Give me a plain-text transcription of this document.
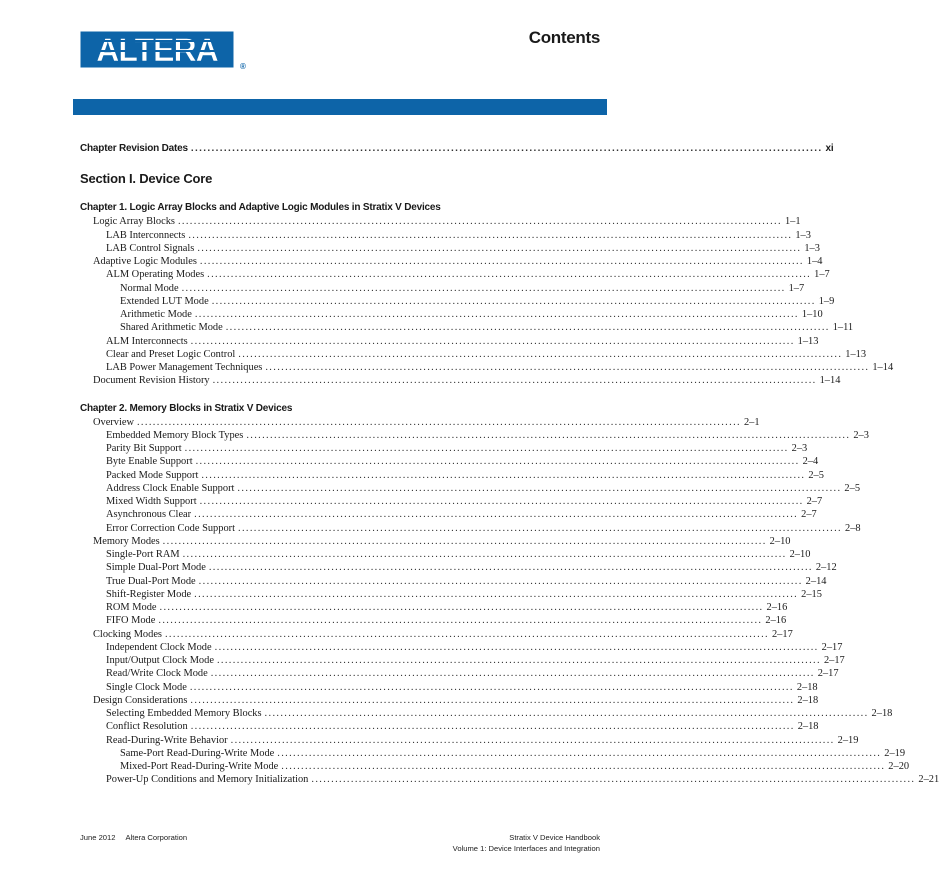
ALTERA	®
Contents
Chapter Revision Dates ......................................................................................................................................................... xi
Section I. Device Core
Chapter 1. Logic Array Blocks and Adaptive Logic Modules in Stratix V Devices
Logic Array Blocks ......................................................................................................................................................... 1–1
LAB Interconnects ......................................................................................................................................................... 1–3
LAB Control Signals ......................................................................................................................................................... 1–3
Adaptive Logic Modules ......................................................................................................................................................... 1–4
ALM Operating Modes ......................................................................................................................................................... 1–7
Normal Mode ......................................................................................................................................................... 1–7
Extended LUT Mode ......................................................................................................................................................... 1–9
Arithmetic Mode ......................................................................................................................................................... 1–10
Shared Arithmetic Mode ......................................................................................................................................................... 1–11
ALM Interconnects ......................................................................................................................................................... 1–13
Clear and Preset Logic Control ......................................................................................................................................................... 1–13
LAB Power Management Techniques ......................................................................................................................................................... 1–14
Document Revision History ......................................................................................................................................................... 1–14
Chapter 2. Memory Blocks in Stratix V Devices
Overview ......................................................................................................................................................... 2–1
Embedded Memory Block Types ......................................................................................................................................................... 2–3
Parity Bit Support ......................................................................................................................................................... 2–3
Byte Enable Support ......................................................................................................................................................... 2–4
Packed Mode Support ......................................................................................................................................................... 2–5
Address Clock Enable Support ......................................................................................................................................................... 2–5
Mixed Width Support ......................................................................................................................................................... 2–7
Asynchronous Clear ......................................................................................................................................................... 2–7
Error Correction Code Support ......................................................................................................................................................... 2–8
Memory Modes ......................................................................................................................................................... 2–10
Single-Port RAM ......................................................................................................................................................... 2–10
Simple Dual-Port Mode ......................................................................................................................................................... 2–12
True Dual-Port Mode ......................................................................................................................................................... 2–14
Shift-Register Mode ......................................................................................................................................................... 2–15
ROM Mode ......................................................................................................................................................... 2–16
FIFO Mode ......................................................................................................................................................... 2–16
Clocking Modes ......................................................................................................................................................... 2–17
Independent Clock Mode ......................................................................................................................................................... 2–17
Input/Output Clock Mode ......................................................................................................................................................... 2–17
Read/Write Clock Mode ......................................................................................................................................................... 2–17
Single Clock Mode ......................................................................................................................................................... 2–18
Design Considerations ......................................................................................................................................................... 2–18
Selecting Embedded Memory Blocks ......................................................................................................................................................... 2–18
Conflict Resolution ......................................................................................................................................................... 2–18
Read-During-Write Behavior ......................................................................................................................................................... 2–19
Same-Port Read-During-Write Mode ......................................................................................................................................................... 2–19
Mixed-Port Read-During-Write Mode ......................................................................................................................................................... 2–20
Power-Up Conditions and Memory Initialization ......................................................................................................................................................... 2–21
June 2012 Altera Corporation	Stratix V Device Handbook
Volume 1: Device Interfaces and Integration
